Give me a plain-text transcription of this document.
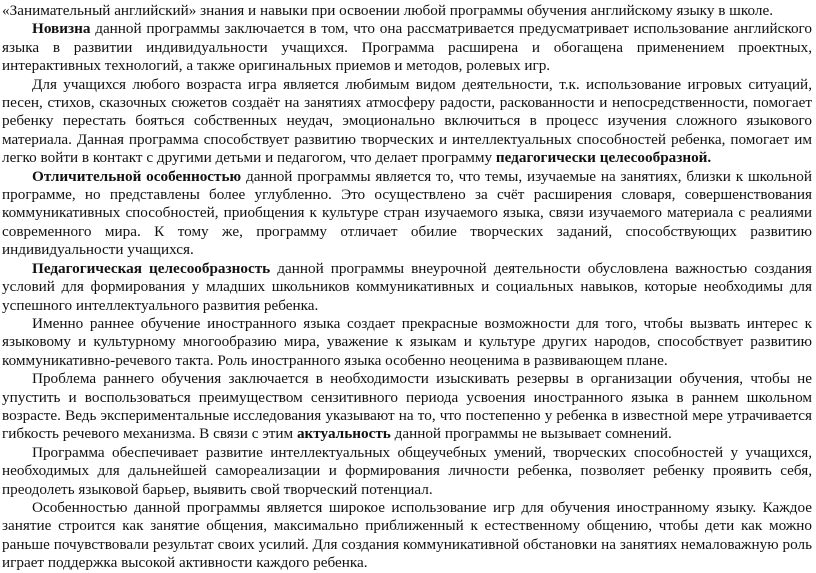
«Занимательный английский» знания и навыки при освоении любой программы обучения английскому языку в школе.

Новизна данной программы заключается в том, что она рассматривается предусматривает использование английского языка в развитии индивидуальности учащихся. Программа расширена и обогащена применением проектных, интерактивных технологий, а также оригинальных приемов и методов, ролевых игр.

Для учащихся любого возраста игра является любимым видом деятельности, т.к. использование игровых ситуаций, песен, стихов, сказочных сюжетов создаёт на занятиях атмосферу радости, раскованности и непосредственности, помогает ребенку перестать бояться собственных неудач, эмоционально включиться в процесс изучения сложного языкового материала. Данная программа способствует развитию творческих и интеллектуальных способностей ребенка, помогает им легко войти в контакт с другими детьми и педагогом, что делает программу педагогически целесообразной.

Отличительной особенностью данной программы является то, что темы, изучаемые на занятиях, близки к школьной программе, но представлены более углубленно. Это осуществлено за счёт расширения словаря, совершенствования коммуникативных способностей, приобщения к культуре стран изучаемого языка, связи изучаемого материала с реалиями современного мира. К тому же, программу отличает обилие творческих заданий, способствующих развитию индивидуальности учащихся.

Педагогическая целесообразность данной программы внеурочной деятельности обусловлена важностью создания условий для формирования у младших школьников коммуникативных и социальных навыков, которые необходимы для успешного интеллектуального развития ребенка.

Именно раннее обучение иностранного языка создает прекрасные возможности для того, чтобы вызвать интерес к языковому и культурному многообразию мира, уважение к языкам и культуре других народов, способствует развитию коммуникативно-речевого такта. Роль иностранного языка особенно неоценима в развивающем плане.

Проблема раннего обучения заключается в необходимости изыскивать резервы в организации обучения, чтобы не упустить и воспользоваться преимуществом сензитивного периода усвоения иностранного языка в раннем школьном возрасте. Ведь экспериментальные исследования указывают на то, что постепенно у ребенка в известной мере утрачивается гибкость речевого механизма. В связи с этим актуальность данной программы не вызывает сомнений.

Программа обеспечивает развитие интеллектуальных общеучебных умений, творческих способностей у учащихся, необходимых для дальнейшей самореализации и формирования личности ребенка, позволяет ребенку проявить себя, преодолеть языковой барьер, выявить свой творческий потенциал.

Особенностью данной программы является широкое использование игр для обучения иностранному языку. Каждое занятие строится как занятие общения, максимально приближенный к естественному общению, чтобы дети как можно раньше почувствовали результат своих усилий. Для создания коммуникативной обстановки на занятиях немаловажную роль играет поддержка высокой активности каждого ребенка.
